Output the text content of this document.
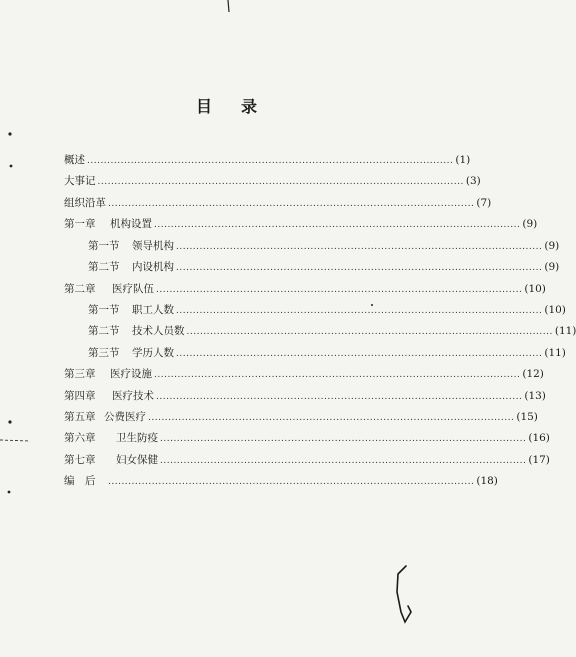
目 录
概述 ............................................................................................................. (1)
大事记 ............................................................................................................. (3)
组织沿革 ............................................................................................................. (7)
第一章 机构设置 ............................................................................................................. (9)
第一节 领导机构 ............................................................................................................. (9)
第二节 内设机构 ............................................................................................................. (9)
第二章 医疗队伍 ............................................................................................................. (10)
第一节 职工人数 ............................................................................................................. (10)
第二节 技术人员数 ............................................................................................................. (11)
第三节 学历人数 ............................................................................................................. (11)
第三章 医疗设施 ............................................................................................................. (12)
第四章 医疗技术 ............................................................................................................. (13)
第五章 公费医疗 ............................................................................................................. (15)
第六章 卫生防疫 ............................................................................................................. (16)
第七章 妇女保健 ............................................................................................................. (17)
编　后	............................................................................................................. (18)
